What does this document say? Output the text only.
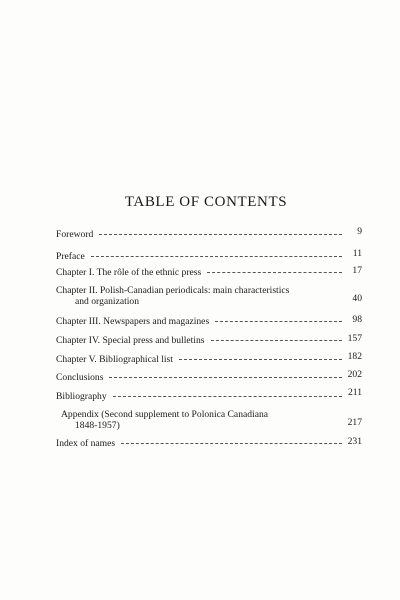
TABLE OF CONTENTS
Foreword	9
Preface	11
Chapter I. The rôle of the ethnic press	17
Chapter II. Polish-Canadian periodicals: main characteristics
and organization	40
Chapter III. Newspapers and magazines	98
Chapter IV. Special press and bulletins	157
Chapter V. Bibliographical list	182
Conclusions	202
Bibliography	211
Appendix (Second supplement to Polonica Canadiana
1848-1957)	217
Index of names	231
